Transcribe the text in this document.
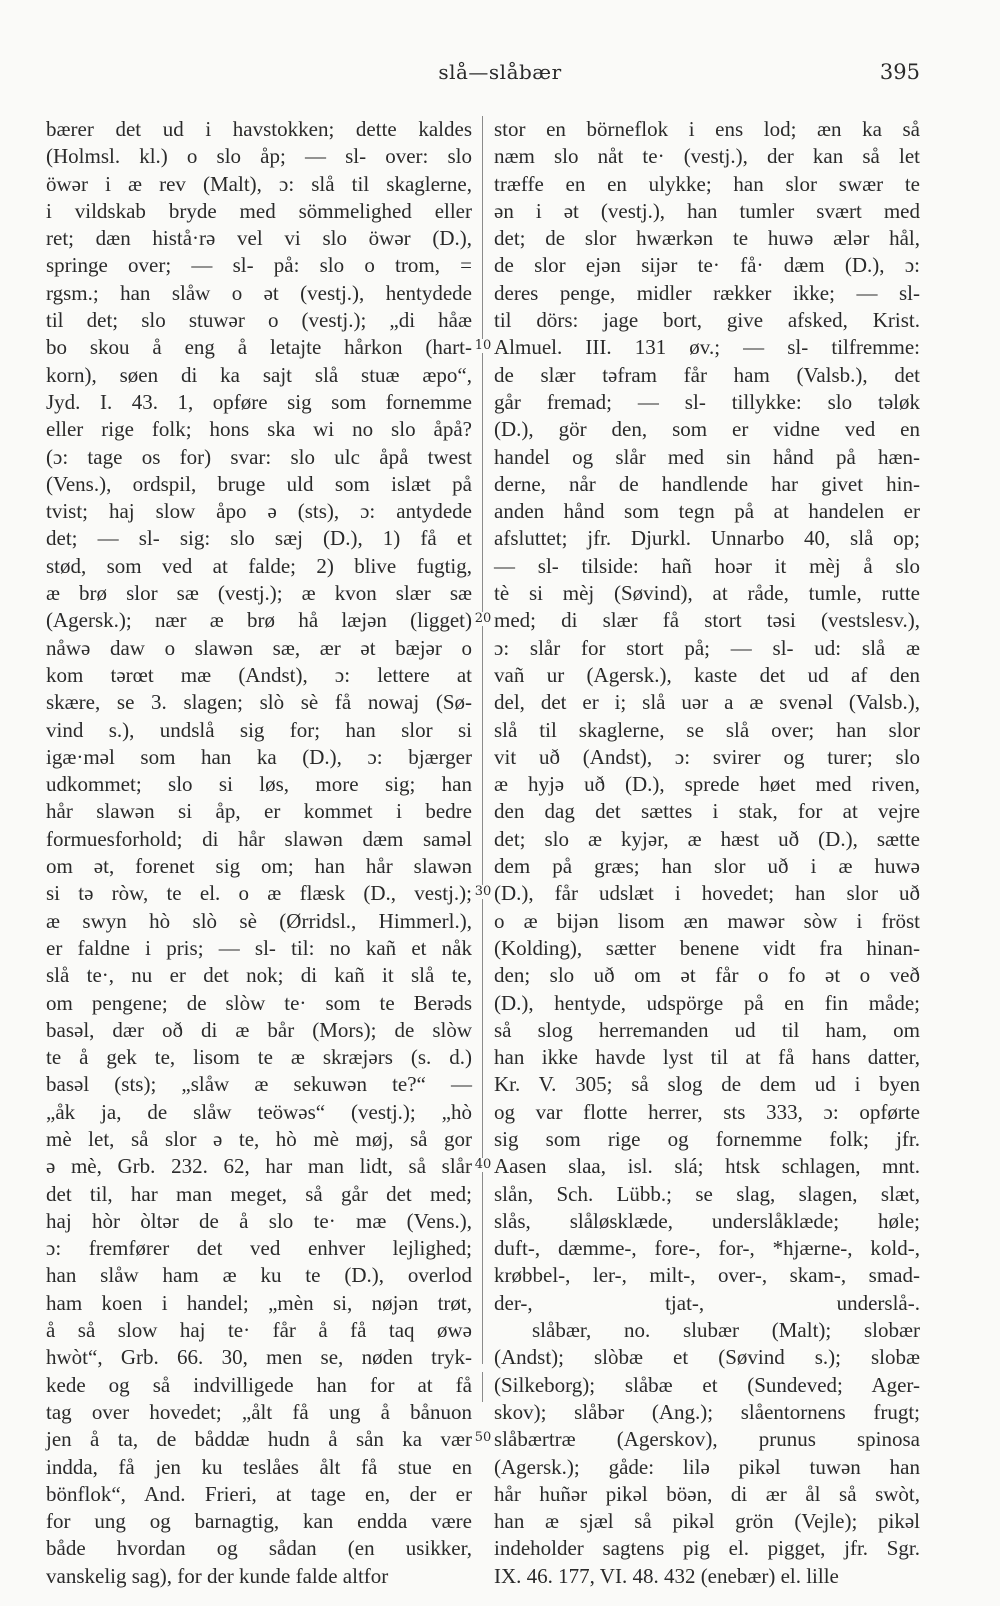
slå—slåbær	395
10
20
30
40
50
bærer det ud i havstokken; dette kaldes
(Holmsl. kl.) o slo åp; — sl- over: slo
öwər i æ rev (Malt), ɔ: slå til skaglerne,
i vildskab bryde med sömmelighed eller
ret; dæn histå·rə vel vi slo öwər (D.),
springe over; — sl- på: slo o trom, =
rgsm.; han slåw o ət (vestj.), hentydede
til det; slo stuwər o (vestj.); „di håæ
bo skou å eng å letajte hårkon (hart-
korn), søen di ka sajt slå stuæ æpo“,
Jyd. I. 43. 1, opføre sig som fornemme
eller rige folk; hons ska wi no slo åpå?
(ɔ: tage os for) svar: slo ulc åpå twest
(Vens.), ordspil, bruge uld som islæt på
tvist; haj slow åpo ə (sts), ɔ: antydede
det; — sl- sig: slo sæj (D.), 1) få et
stød, som ved at falde; 2) blive fugtig,
æ brø slor sæ (vestj.); æ kvon slær sæ
(Agersk.); nær æ brø hå læjən (ligget)
nåwə daw o slawən sæ, ær ət bæjər o
kom tərœt mæ (Andst), ɔ: lettere at
skære, se 3. slagen; slò sè få nowaj (Sø-
vind s.), undslå sig for; han slor si
igæ·məl som han ka (D.), ɔ: bjærger
udkommet; slo si løs, more sig; han
hår slawən si åp, er kommet i bedre
formuesforhold; di hår slawən dæm saməl
om ət, forenet sig om; han hår slawən
si tə ròw, te el. o æ flæsk (D., vestj.);
æ swyn hò slò sè (Ørridsl., Himmerl.),
er faldne i pris; — sl- til: no kañ et nåk
slå te·, nu er det nok; di kañ it slå te,
om pengene; de slòw te· som te Berəds
basəl, dær oð di æ bår (Mors); de slòw
te å gek te, lisom te æ skræjərs (s. d.)
basəl (sts); „slåw æ sekuwən te?“ —
„åk ja, de slåw teöwəs“ (vestj.); „hò
mè let, så slor ə te, hò mè møj, så gor
ə mè, Grb. 232. 62, har man lidt, så slår
det til, har man meget, så går det med;
haj hòr òltər de å slo te· mæ (Vens.),
ɔ: fremfører det ved enhver lejlighed;
han slåw ham æ ku te (D.), overlod
ham koen i handel; „mèn si, nøjən trøt,
å så slow haj te· får å få taq øwə
hwòt“, Grb. 66. 30, men se, nøden tryk-
kede og så indvilligede han for at få
tag over hovedet; „ålt få ung å bånuon
jen å ta, de båddæ hudn å sån ka vær
indda, få jen ku teslåes ålt få stue en
bönflok“, And. Frieri, at tage en, der er
for ung og barnagtig, kan endda være
både hvordan og sådan (en usikker,
vanskelig sag), for der kunde falde altfor
stor en börneflok i ens lod; æn ka så
næm slo nåt te· (vestj.), der kan så let
træffe en en ulykke; han slor swær te
ən i ət (vestj.), han tumler svært med
det; de slor hwærkən te huwə ælər hål,
de slor ejən sijər te· få· dæm (D.), ɔ:
deres penge, midler rækker ikke; — sl-
til dörs: jage bort, give afsked, Krist.
Almuel. III. 131 øv.; — sl- tilfremme:
de slær təfram får ham (Valsb.), det
går fremad; — sl- tillykke: slo təløk
(D.), gör den, som er vidne ved en
handel og slår med sin hånd på hæn-
derne, når de handlende har givet hin-
anden hånd som tegn på at handelen er
afsluttet; jfr. Djurkl. Unnarbo 40, slå op;
— sl- tilside: hañ hoər it mèj å slo
tè si mèj (Søvind), at råde, tumle, rutte
med; di slær få stort təsi (vestslesv.),
ɔ: slår for stort på; — sl- ud: slå æ
vañ ur (Agersk.), kaste det ud af den
del, det er i; slå uər a æ svenəl (Valsb.),
slå til skaglerne, se slå over; han slor
vit uð (Andst), ɔ: svirer og turer; slo
æ hyjə uð (D.), sprede høet med riven,
den dag det sættes i stak, for at vejre
det; slo æ kyjər, æ hæst uð (D.), sætte
dem på græs; han slor uð i æ huwə
(D.), får udslæt i hovedet; han slor uð
o æ bijən lisom æn mawər sòw i fröst
(Kolding), sætter benene vidt fra hinan-
den; slo uð om ət får o fo ət o veð
(D.), hentyde, udspörge på en fin måde;
så slog herremanden ud til ham, om
han ikke havde lyst til at få hans datter,
Kr. V. 305; så slog de dem ud i byen
og var flotte herrer, sts 333, ɔ: opførte
sig som rige og fornemme folk; jfr.
Aasen slaa, isl. slá; htsk schlagen, mnt.
slån, Sch. Lübb.; se slag, slagen, slæt,
slås, slåløsklæde, underslåklæde; høle;
duft-, dæmme-, fore-, for-, *hjærne-, kold-,
krøbbel-, ler-, milt-, over-, skam-, smad-
der-, tjat-, underslå-.
slåbær, no. slubær (Malt); slobær
(Andst); slòbæ et (Søvind s.); slobæ
(Silkeborg); slåbæ et (Sundeved; Ager-
skov); slåbər (Ang.); slåentornens frugt;
slåbærtræ (Agerskov), prunus spinosa
(Agersk.); gåde: lilə pikəl tuwən han
hår huñər pikəl böən, di ær ål så swòt,
han æ sjæl så pikəl grön (Vejle); pikəl
indeholder sagtens pig el. pigget, jfr. Sgr.
IX. 46. 177, VI. 48. 432 (enebær) el. lille
